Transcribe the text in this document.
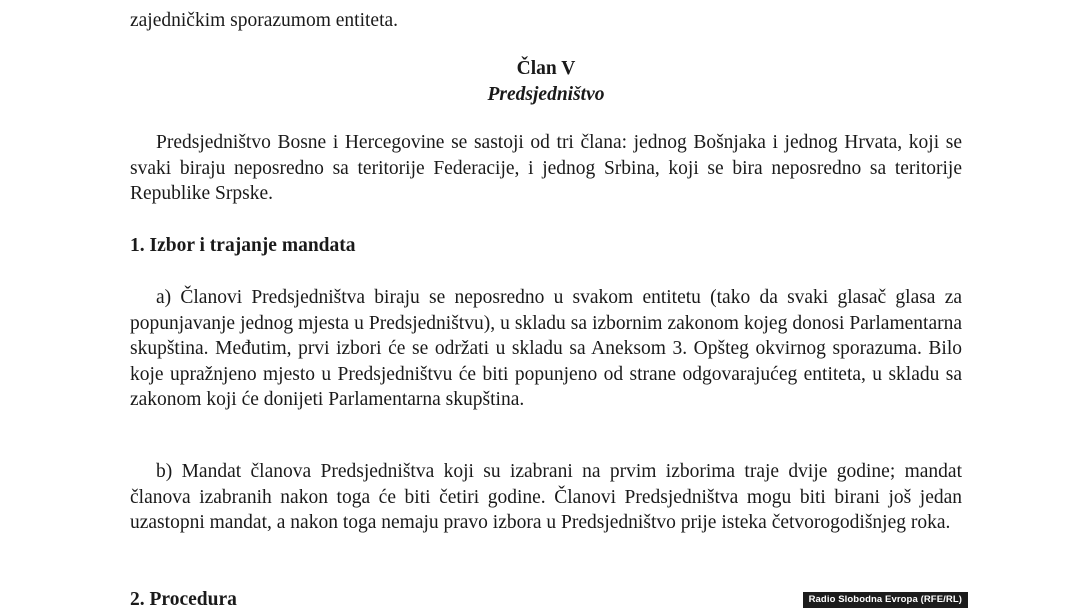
zajedničkim sporazumom entiteta.
Član V
Predsjedništvo

Predsjedništvo Bosne i Hercegovine se sastoji od tri člana: jednog Bošnjaka i jednog Hrvata, koji se svaki biraju neposredno sa teritorije Federacije, i jednog Srbina, koji se bira neposredno sa teritorije Republike Srpske.

1. Izbor i trajanje mandata

a) Članovi Predsjedništva biraju se neposredno u svakom entitetu (tako da svaki glasač glasa za popunjavanje jednog mjesta u Predsjedništvu), u skladu sa izbornim zakonom kojeg donosi Parlamentarna skupština. Međutim, prvi izbori će se održati u skladu sa Aneksom 3. Opšteg okvirnog sporazuma. Bilo koje upražnjeno mjesto u Predsjedništvu će biti popunjeno od strane odgovarajućeg entiteta, u skladu sa zakonom koji će donijeti Parlamentarna skupština.

b) Mandat članova Predsjedništva koji su izabrani na prvim izborima traje dvije godine; mandat članova izabranih nakon toga će biti četiri godine. Članovi Predsjedništva mogu biti birani još jedan uzastopni mandat, a nakon toga nemaju pravo izbora u Predsjedništvo prije isteka četvorogodišnjeg roka.

2. Procedura	Radio Slobodna Evropa (RFE/RL)
